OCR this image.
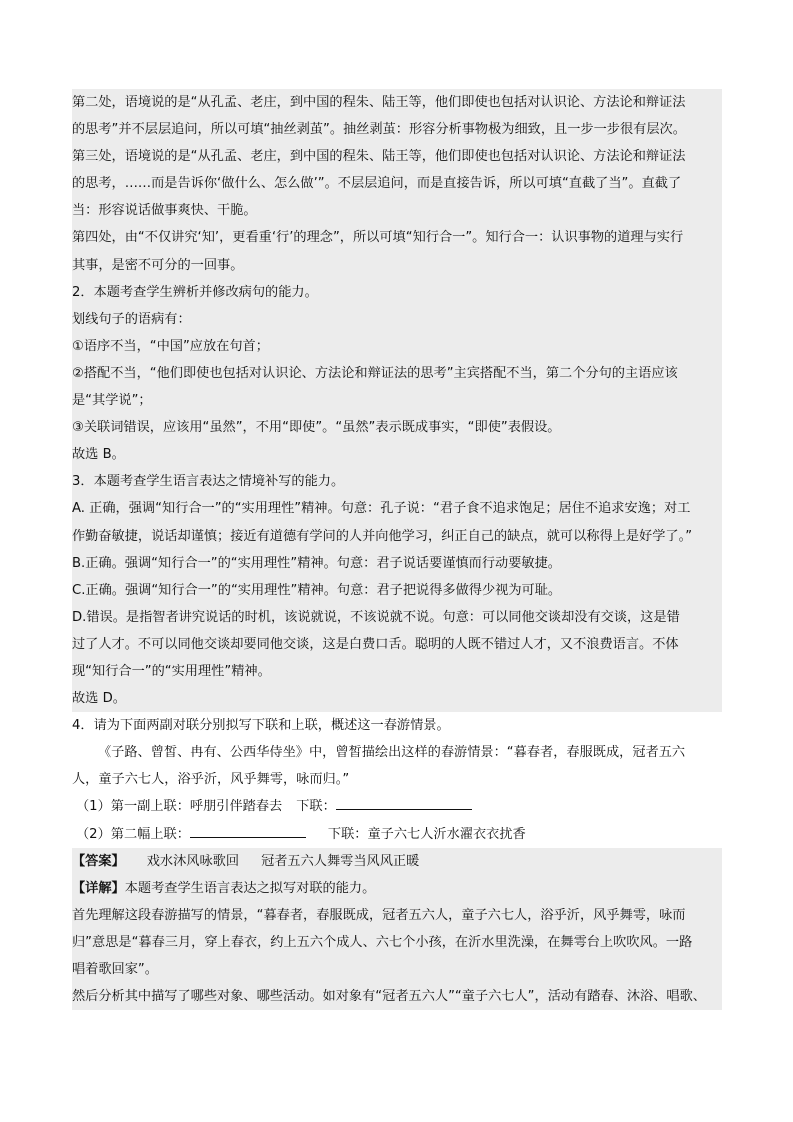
第二处，语境说的是“从孔孟、老庄，到中国的程朱、陆王等，他们即使也包括对认识论、方法论和辩证法
的思考”并不层层追问，所以可填“抽丝剥茧”。抽丝剥茧：形容分析事物极为细致，且一步一步很有层次。
第三处，语境说的是“从孔孟、老庄，到中国的程朱、陆王等，他们即使也包括对认识论、方法论和辩证法
的思考，……而是告诉你‘做什么、怎么做’”。不层层追问，而是直接告诉，所以可填“直截了当”。直截了
当：形容说话做事爽快、干脆。
第四处，由“不仅讲究‘知’，更看重‘行’的理念”，所以可填“知行合一”。知行合一：认识事物的道理与实行
其事，是密不可分的一回事。
2．本题考查学生辨析并修改病句的能力。
划线句子的语病有：
①语序不当，“中国”应放在句首；
②搭配不当，“他们即使也包括对认识论、方法论和辩证法的思考”主宾搭配不当，第二个分句的主语应该
是“其学说”；
③关联词错误，应该用“虽然”，不用“即使”。“虽然”表示既成事实，“即使”表假设。
故选 B。
3．本题考查学生语言表达之情境补写的能力。
A. 正确，强调“知行合一”的“实用理性”精神。句意：孔子说：“君子食不追求饱足；居住不追求安逸；对工
作勤奋敏捷，说话却谨慎；接近有道德有学问的人并向他学习，纠正自己的缺点，就可以称得上是好学了。”
B.正确。强调“知行合一”的“实用理性”精神。句意：君子说话要谨慎而行动要敏捷。
C.正确。强调“知行合一”的“实用理性”精神。句意：君子把说得多做得少视为可耻。
D.错误。是指智者讲究说话的时机，该说就说，不该说就不说。句意：可以同他交谈却没有交谈，这是错
过了人才。不可以同他交谈却要同他交谈，这是白费口舌。聪明的人既不错过人才，又不浪费语言。不体
现“知行合一”的“实用理性”精神。
故选 D。
4．请为下面两副对联分别拟写下联和上联，概述这一春游情景。
《子路、曾皙、冉有、公西华侍坐》中，曾皙描绘出这样的春游情景：“暮春者，春服既成，冠者五六
人，童子六七人，浴乎沂，风乎舞雩，咏而归。”
（1）第一副上联：呼朋引伴踏春去 下联：
（2）第二幅上联：	下联：童子六七人沂水濯衣衣扰香
【答案】 戏水沐风咏歌回 冠者五六人舞雩当风风正暖
【详解】本题考查学生语言表达之拟写对联的能力。
首先理解这段春游描写的情景，“暮春者，春服既成，冠者五六人，童子六七人，浴乎沂，风乎舞雩，咏而
归”意思是“暮春三月，穿上春衣，约上五六个成人、六七个小孩，在沂水里洗澡，在舞雩台上吹吹风。一路
唱着歌回家”。
然后分析其中描写了哪些对象、哪些活动。如对象有“冠者五六人”“童子六七人”，活动有踏春、沐浴、唱歌、
